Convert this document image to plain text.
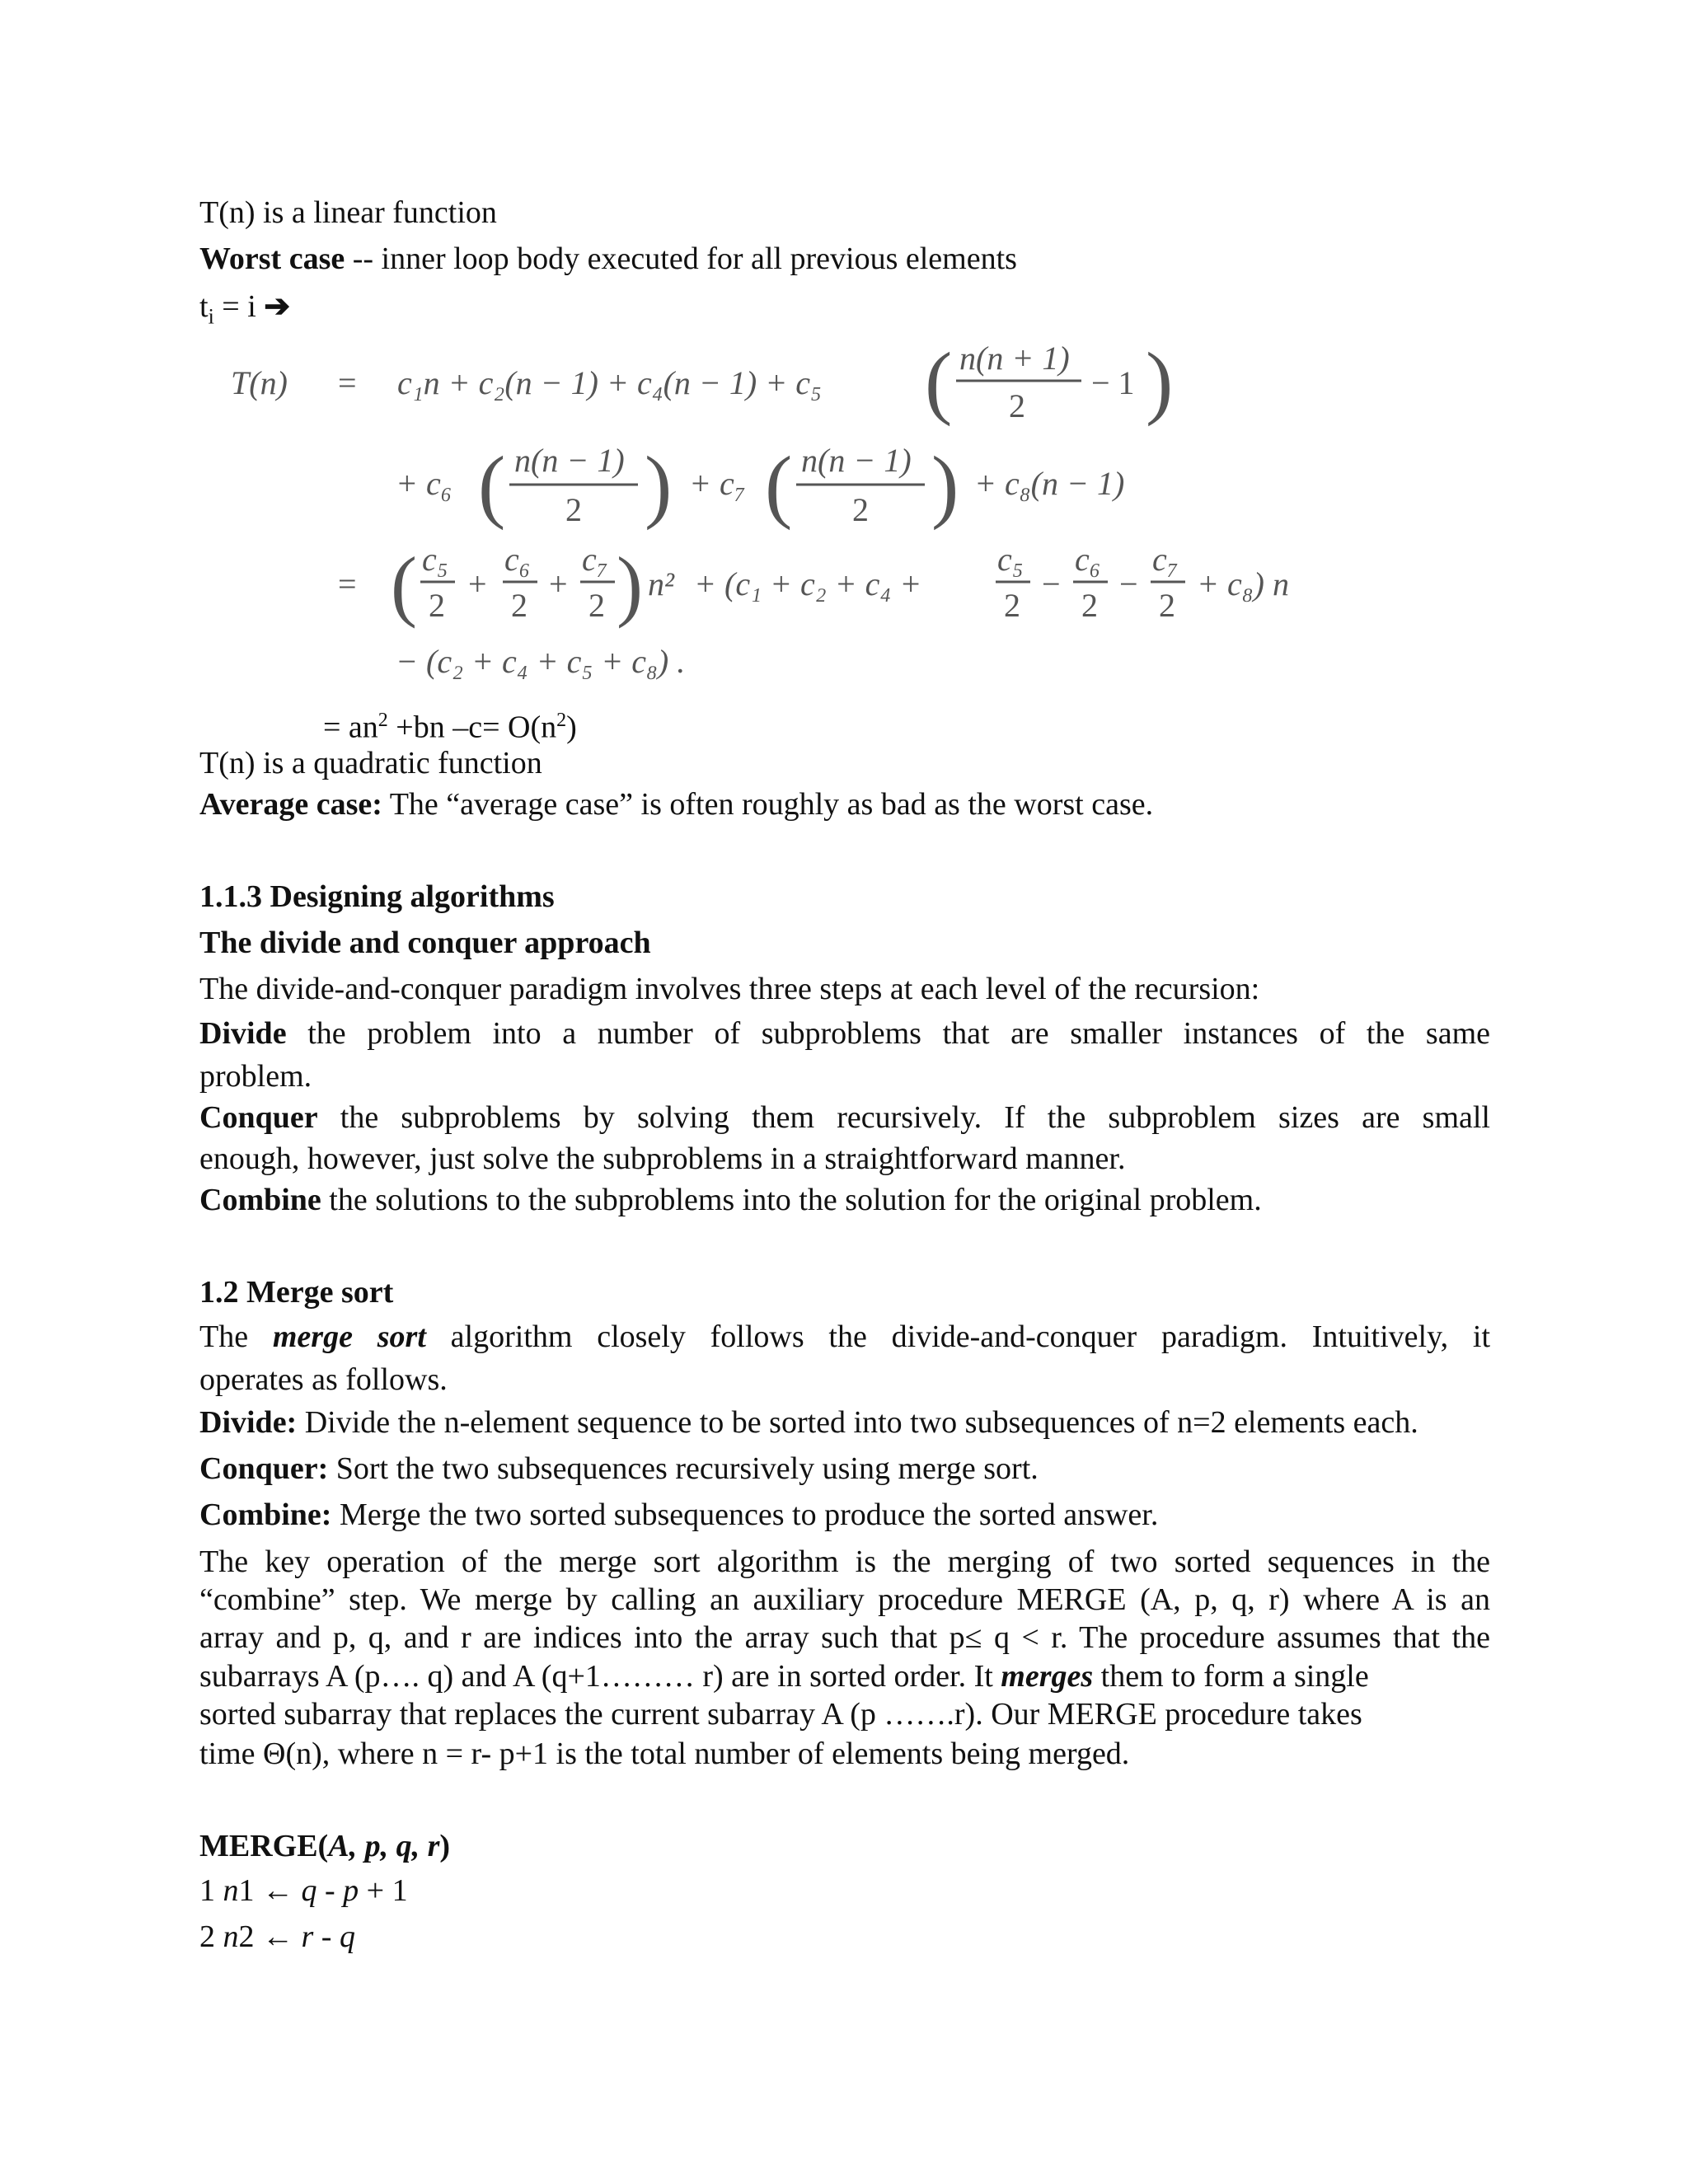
T(n) is a linear function
Worst case -- inner loop body executed for all previous elements
$t_i = i$ ➔
T(n) = c₁n + c₂(n − 1) + c₄(n − 1) + c₅ ( n(n + 1)
2
− 1 )
+ c₆ ( n(n − 1)
2 ) + c₇ ( n(n − 1)
2 ) + c₈(n − 1)
= ( c₅
2
+
c₆
2
+
c₇
2 ) n² + (c₁ + c₂ + c₄ +
c₅
2
−
c₆
2
−
c₇
2
+ c₈) n
− (c₂ + c₄ + c₅ + c₈) .
= $an^2 +bn$ $-c= O(n^2)$
T(n) is a quadratic function
Average case: The “average case” is often roughly as bad as the worst case.
1.1.3 Designing algorithms
The divide and conquer approach
The divide-and-conquer paradigm involves three steps at each level of the recursion:
Divide the problem into a number of subproblems that are smaller instances of the same
problem.
Conquer the subproblems by solving them recursively. If the subproblem sizes are small
enough, however, just solve the subproblems in a straightforward manner.
Combine the solutions to the subproblems into the solution for the original problem.
1.2 Merge sort
The merge sort algorithm closely follows the divide-and-conquer paradigm. Intuitively, it
operates as follows.
Divide: Divide the n-element sequence to be sorted into two subsequences of n=2 elements each.
Conquer: Sort the two subsequences recursively using merge sort.
Combine: Merge the two sorted subsequences to produce the sorted answer.
The key operation of the merge sort algorithm is the merging of two sorted sequences in the
“combine” step. We merge by calling an auxiliary procedure MERGE (A, p, q, r) where A is an
array and p, q, and r are indices into the array such that p≤ q < r. The procedure assumes that the
subarrays A (p…. q) and A (q+1……… r) are in sorted order. It merges them to form a single
sorted subarray that replaces the current subarray A (p …….r). Our MERGE procedure takes
time Θ(n), where n = r- p+1 is the total number of elements being merged.
MERGE(A, p, q, r)
1 n1 ← q - p + 1
2 n2 ← r - q
